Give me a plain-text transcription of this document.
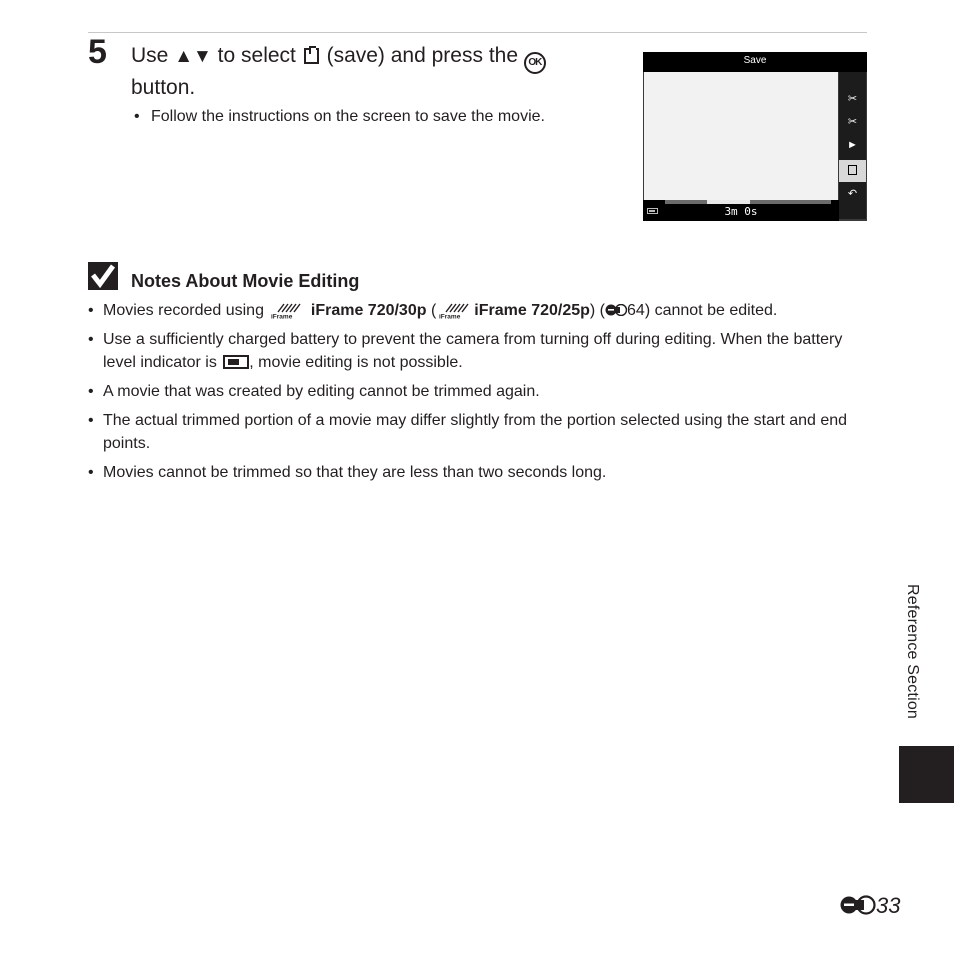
5 Use ▲▼ to select (save) and press the OK button.
• Follow the instructions on the screen to save the movie.
Save
✂
✂
►
↶
3m 0s
Notes About Movie Editing
• Movies recorded using iFrame iFrame 720/30p ( iFrame iFrame 720/25p) ( 64) cannot be edited.
• Use a sufficiently charged battery to prevent the camera from turning off during editing. When the battery level indicator is , movie editing is not possible.
• A movie that was created by editing cannot be trimmed again.
• The actual trimmed portion of a movie may differ slightly from the portion selected using the start and end points.
• Movies cannot be trimmed so that they are less than two seconds long.
Reference Section
33
